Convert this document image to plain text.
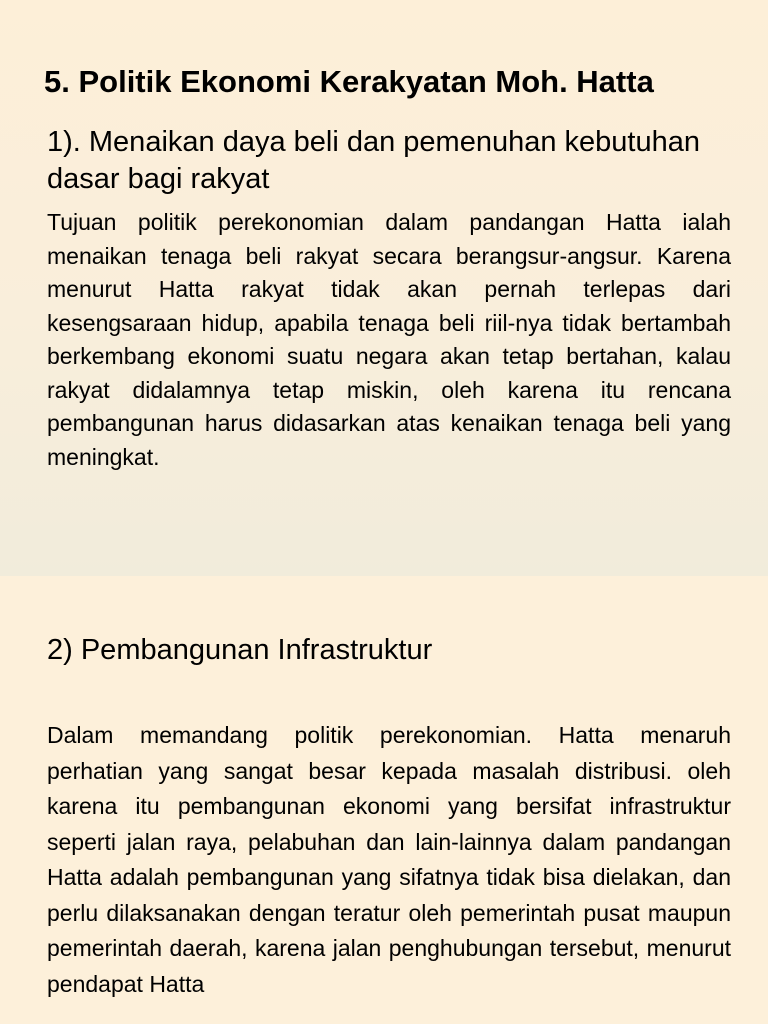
5. Politik Ekonomi Kerakyatan Moh. Hatta
1). Menaikan daya beli dan pemenuhan kebutuhan dasar bagi rakyat

Tujuan politik perekonomian dalam pandangan Hatta ialah menaikan tenaga beli rakyat secara berangsur-angsur. Karena menurut Hatta rakyat tidak akan pernah terlepas dari kesengsaraan hidup, apabila tenaga beli riil-nya tidak bertambah berkembang ekonomi suatu negara akan tetap bertahan, kalau rakyat didalamnya tetap miskin, oleh karena itu rencana pembangunan harus didasarkan atas kenaikan tenaga beli yang meningkat.

2) Pembangunan Infrastruktur

Dalam memandang politik perekonomian. Hatta menaruh perhatian yang sangat besar kepada masalah distribusi. oleh karena itu pembangunan ekonomi yang bersifat infrastruktur seperti jalan raya, pelabuhan dan lain-lainnya dalam pandangan Hatta adalah pembangunan yang sifatnya tidak bisa dielakan, dan perlu dilaksanakan dengan teratur oleh pemerintah pusat maupun pemerintah daerah, karena jalan penghubungan tersebut, menurut pendapat Hatta
